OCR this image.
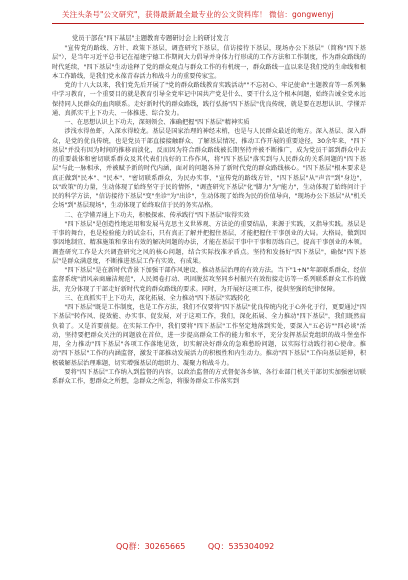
关注头条号"公文研究"，获得最新最全最专业的公文资料库！ 微信：gongwenyj
党员干部在"四下基层"主题教育专题研讨会上的研讨发言

"宣传党的路线、方针、政策下基层，调查研究下基层，信访接待下基层，现场办公下基层"（简称"四下基层"），是当年习近平总书记在福建宁德工作期间大力倡导并身体力行形成的工作方法和工作制度，作为群众路线的时代延续，"四下基层"生动诠释了党的群众观点与群众工作的有机统一，群众路线一直以来是我们党的生命线和根本工作路线，是我们党永葆青春活力和战斗力的重要传家宝。

党的十八大以来，我们党先后开展了"党的群众路线教育实践活动""不忘初心、牢记使命"主题教育等一系列集中学习教育，一个重要目的就是教育引导全党牢记中国共产党是什么、要干什么这个根本问题，始终告诫全党永远保持同人民群众的血肉联系。走好新时代的群众路线，践行弘扬"四下基层"优良传统，就是要在思想认识、学懂弄通、真抓实干上下功夫、一体推进、综合发力。

一、在思想认识上下功夫，深刻领会、准确把握"四下基层"精神实质

涉浅水得鱼虾，入深水得蛟龙。基层是国家治理的神经末梢，也是与人民群众最近的地方。深入基层、深入群众，是党的优良传统，也是党员干部直接接触群众、了解基层情况、推动工作开展的重要途径，30余年来，"四下基层"并没有因为时间的推移而淡化，反而因为符合群众路线被长期坚持并被不断推广，成为党员干部到群众中去的重要载体和密切联系群众及其代表们良好的工作作风，将"四下基层"落实到与人民群众的关系问题的"四下基层"与此一脉相承，并被赋予新的时代内涵，面对的问题各异了新时代党的群众路线核心。"四下基层"根本要求是真正做到"民本"、"民本"、"密切联系群众，为民办实事，"宣传党的路线方针，"四下基层"从"声音"到"身边"，以"政策"的力量，生动体现了始终坚守于民的情怀，"调查研究下基层"化"脚力"为"能力"，生动体现了始终问计于民的科学方法，"信访接待下基层"变"坐诊"为"出诊"，生动体现了始终为民的价值导向，"现场办公下基层"从"机关会场"到"基层现场"，生动体现了始终取信于民的务实品格。

二、在学懂弄通上下功夫，积极探索、传承践行"四下基层"取得实效

"四下基层"是创造性地运用和发展马克思主义世界观、方法论的重要结晶，来源于实践，又指导实践。基层是干事的舞台，也是检验能力的试金石，只有真正了解并把握住基层，才能把握住干事创业的大局。大格局，做到因事因地制宜、精准施策和拿出有效的解决问题的办法，才能在基层干事中干事和历练自己，提高干事创业的本领。调查研究工作是大兴调查研究之风的核心问题，结合实际找准矛盾点。坚持和发扬好"四下基层"，确保"四下基层"是群众满意度，不断推进基层工作有实效、有成果。

"四下基层"是在新时代背景下加强干部作风建设、推动基层治理的有效方法。当下"1+N"年部联系群众、经信监督系统"清风亲商廉洁规范"，人民阅卷打动、巩固脱贫攻坚同乡村振兴有效衔接走访等一系列联系群众工作的做法，充分体现了干部走好新时代党的群众路线的要求。同时，为开展好这项工作，提供坚强的纪律保障。

三、在真抓实干上下功夫，深化拓展、全力推动"四下基层"实践转化

"四下基层"既是工作制度，也是工作方法，我们不仅要将"四下基层"优良传统内化于心外化于行，更要通过"四下基层"转作风、提效能、办实事、促发展，对于这项工作，我们，深化拓展、全力推动"四下基层"，我们既然肩负着了。又是首要前提。在实际工作中，我们要将"四下基层"工作坚定地落到实处，要深入"五必访""四必谈"活动，坚持要把群众关注的问题放在首位，进一步提高群众工作的能力和水平，充分发挥基层党组织的战斗堡垒作用，全力推动"四下基层"各项工作落地见效，切实解决好群众的急难愁盼问题，以实际行动践行初心使命。推动"四下基层"工作的内涵监督，激发干部推动发展活力的积极性和内生动力。推动"四下基层"工作向基层延伸，积极破解基层治理难题，切实增强基层的组织力、凝聚力和战斗力。

要将"四下基层"工作纳入到监督的内容，以政治监督的方式督促各乡镇、各行业部门机关干部切实加强密切联系群众工作，想群众之所想，急群众之所急，将服务群众工作落实到

QQ群：30265665	QQ：535304092
